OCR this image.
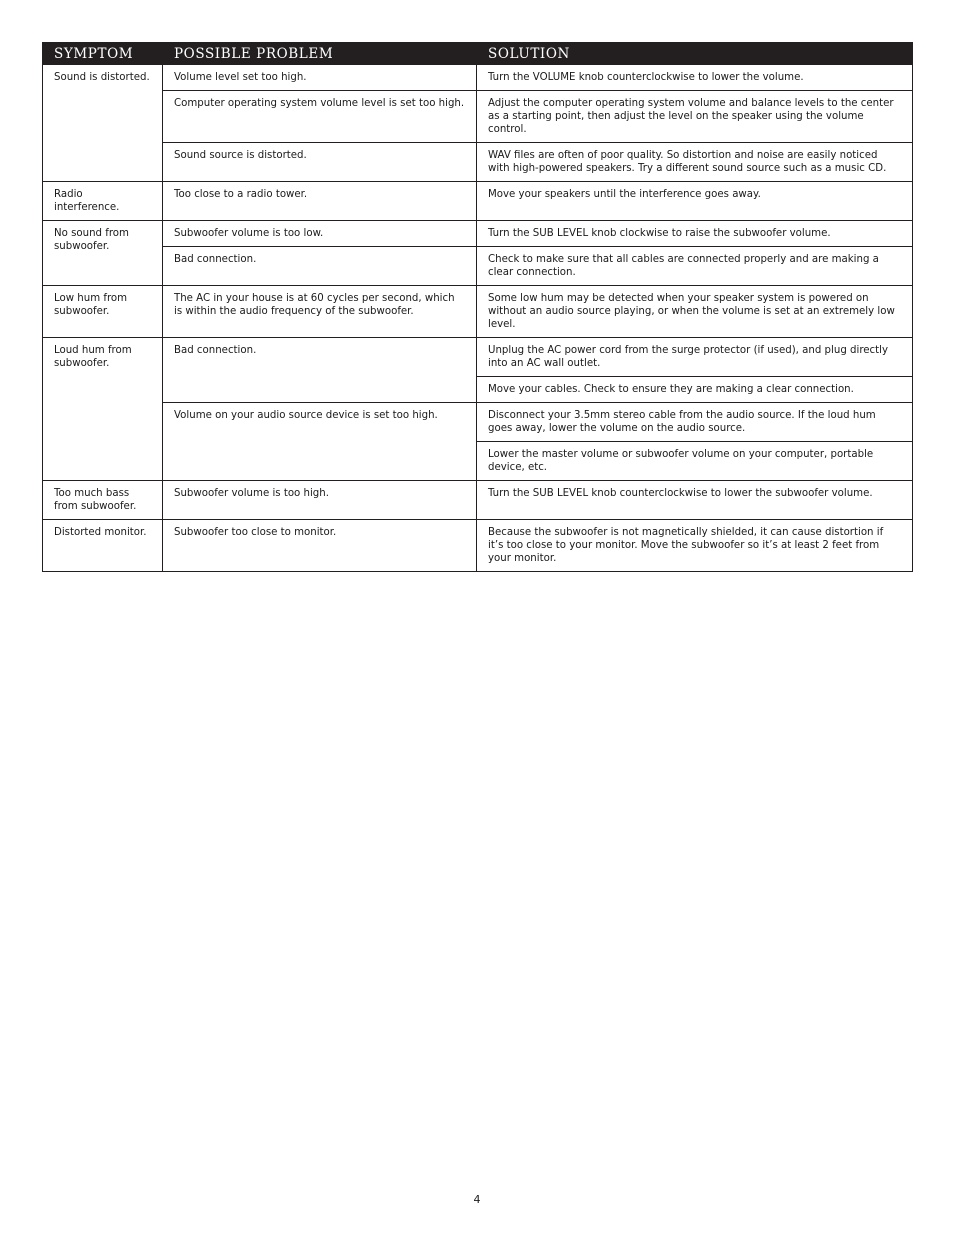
SYMPTOM	POSSIBLE PROBLEM	SOLUTION
Sound is distorted.	Volume level set too high.	Turn the VOLUME knob counterclockwise to lower the volume.
	Computer operating system volume level is set too high.	Adjust the computer operating system volume and balance levels to the center as a starting point, then adjust the level on the speaker using the volume control.
	Sound source is distorted.	WAV files are often of poor quality. So distortion and noise are easily noticed with high-powered speakers. Try a different sound source such as a music CD.
Radio interference.	Too close to a radio tower.	Move your speakers until the interference goes away.
No sound from subwoofer.	Subwoofer volume is too low.	Turn the SUB LEVEL knob clockwise to raise the subwoofer volume.
	Bad connection.	Check to make sure that all cables are connected properly and are making a clear connection.
Low hum from subwoofer.	The AC in your house is at 60 cycles per second, which is within the audio frequency of the subwoofer.	Some low hum may be detected when your speaker system is powered on without an audio source playing, or when the volume is set at an extremely low level.
Loud hum from subwoofer.	Bad connection.	Unplug the AC power cord from the surge protector (if used), and plug directly into an AC wall outlet.
		Move your cables. Check to ensure they are making a clear connection.
	Volume on your audio source device is set too high.	Disconnect your 3.5mm stereo cable from the audio source. If the loud hum goes away, lower the volume on the audio source.
		Lower the master volume or subwoofer volume on your computer, portable device, etc.
Too much bass from subwoofer.	Subwoofer volume is too high.	Turn the SUB LEVEL knob counterclockwise to lower the subwoofer volume.
Distorted monitor.	Subwoofer too close to monitor.	Because the subwoofer is not magnetically shielded, it can cause distortion if it’s too close to your monitor. Move the subwoofer so it’s at least 2 feet from your monitor.
4
